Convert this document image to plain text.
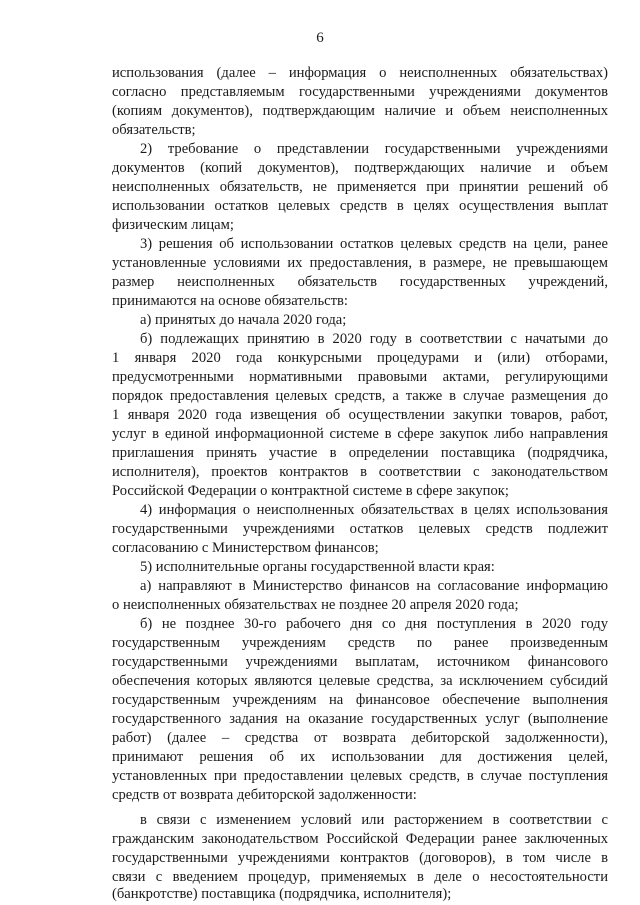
6
использования (далее – информация о неисполненных обязательствах)
согласно представляемым государственными учреждениями документов
(копиям документов), подтверждающим наличие и объем неисполненных
обязательств;
2) требование о представлении государственными учреждениями
документов (копий документов), подтверждающих наличие и объем
неисполненных обязательств, не применяется при принятии решений об
использовании остатков целевых средств в целях осуществления выплат
физическим лицам;
3) решения об использовании остатков целевых средств на цели, ранее
установленные условиями их предоставления, в размере, не превышающем
размер неисполненных обязательств государственных учреждений,
принимаются на основе обязательств:
а) принятых до начала 2020 года;
б) подлежащих принятию в 2020 году в соответствии с начатыми до
1 января 2020 года конкурсными процедурами и (или) отборами,
предусмотренными нормативными правовыми актами, регулирующими
порядок предоставления целевых средств, а также в случае размещения до
1 января 2020 года извещения об осуществлении закупки товаров, работ,
услуг в единой информационной системе в сфере закупок либо направления
приглашения принять участие в определении поставщика (подрядчика,
исполнителя), проектов контрактов в соответствии с законодательством
Российской Федерации о контрактной системе в сфере закупок;
4) информация о неисполненных обязательствах в целях использования
государственными учреждениями остатков целевых средств подлежит
согласованию с Министерством финансов;
5) исполнительные органы государственной власти края:
а) направляют в Министерство финансов на согласование информацию
о неисполненных обязательствах не позднее 20 апреля 2020 года;
б) не позднее 30-го рабочего дня со дня поступления в 2020 году
государственным учреждениям средств по ранее произведенным
государственными учреждениями выплатам, источником финансового
обеспечения которых являются целевые средства, за исключением субсидий
государственным учреждениям на финансовое обеспечение выполнения
государственного задания на оказание государственных услуг (выполнение
работ) (далее – средства от возврата дебиторской задолженности),
принимают решения об их использовании для достижения целей,
установленных при предоставлении целевых средств, в случае поступления
средств от возврата дебиторской задолженности:
в связи с изменением условий или расторжением в соответствии с
гражданским законодательством Российской Федерации ранее заключенных
государственными учреждениями контрактов (договоров), в том числе в
связи с введением процедур, применяемых в деле о несостоятельности
(банкротстве) поставщика (подрядчика, исполнителя);
